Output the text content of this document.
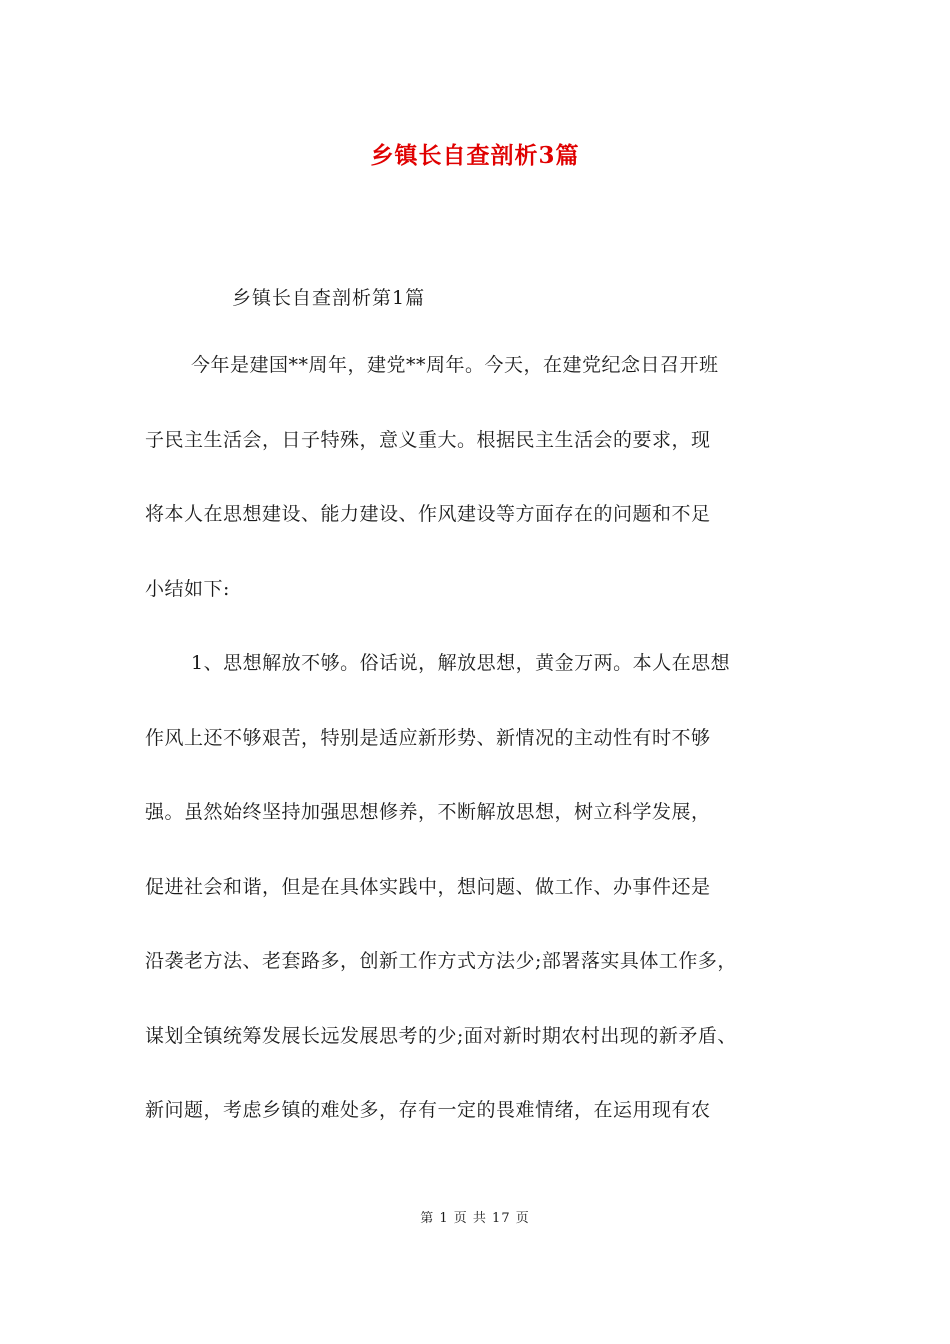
乡镇长自查剖析3篇
乡镇长自查剖析第1篇
今年是建国**周年，建党**周年。今天，在建党纪念日召开班
子民主生活会，日子特殊，意义重大。根据民主生活会的要求，现
将本人在思想建设、能力建设、作风建设等方面存在的问题和不足
小结如下:
1、思想解放不够。俗话说，解放思想，黄金万两。本人在思想
作风上还不够艰苦，特别是适应新形势、新情况的主动性有时不够
强。虽然始终坚持加强思想修养，不断解放思想，树立科学发展，
促进社会和谐，但是在具体实践中，想问题、做工作、办事件还是
沿袭老方法、老套路多，创新工作方式方法少;部署落实具体工作多，
谋划全镇统筹发展长远发展思考的少;面对新时期农村出现的新矛盾、
新问题，考虑乡镇的难处多，存有一定的畏难情绪，在运用现有农
第 1 页 共 17 页
